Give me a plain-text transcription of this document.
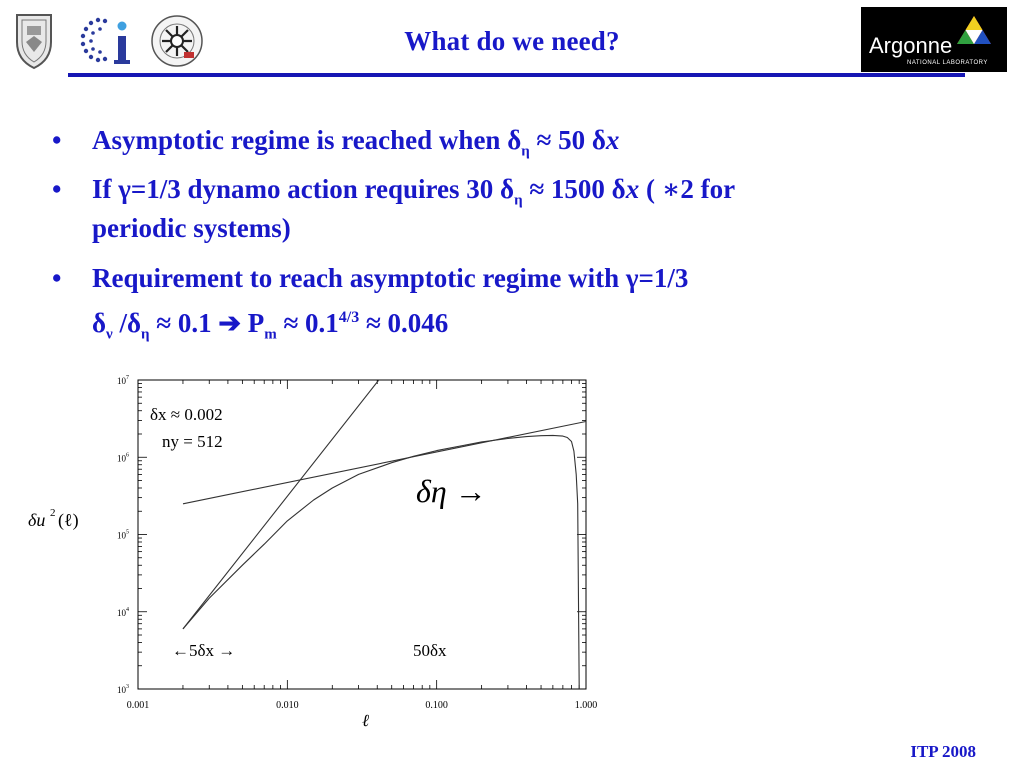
Argonne
NATIONAL LABORATORY
What do we need?
• Asymptotic regime is reached when $\delta_\eta \approx 50$ δx
• If γ=1/3 dynamo action requires 30 $\delta_\eta \approx 1500$ δx ( ∗2 for
periodic systems)
• Requirement to reach asymptotic regime with γ=1/3
$\delta_\nu$ $/\delta_\eta \approx 0.1$ ➔ $P_m \approx 0.1^{4/3} \approx 0.046$
0.001	0.010	0.100	1.000
10 3
10 4
10 5
10 6
10 7
ℓ
δu 2 (ℓ)
δx ≈ 0.002
ny = 512
δη →
←5δx →	50δx
ITP 2008
